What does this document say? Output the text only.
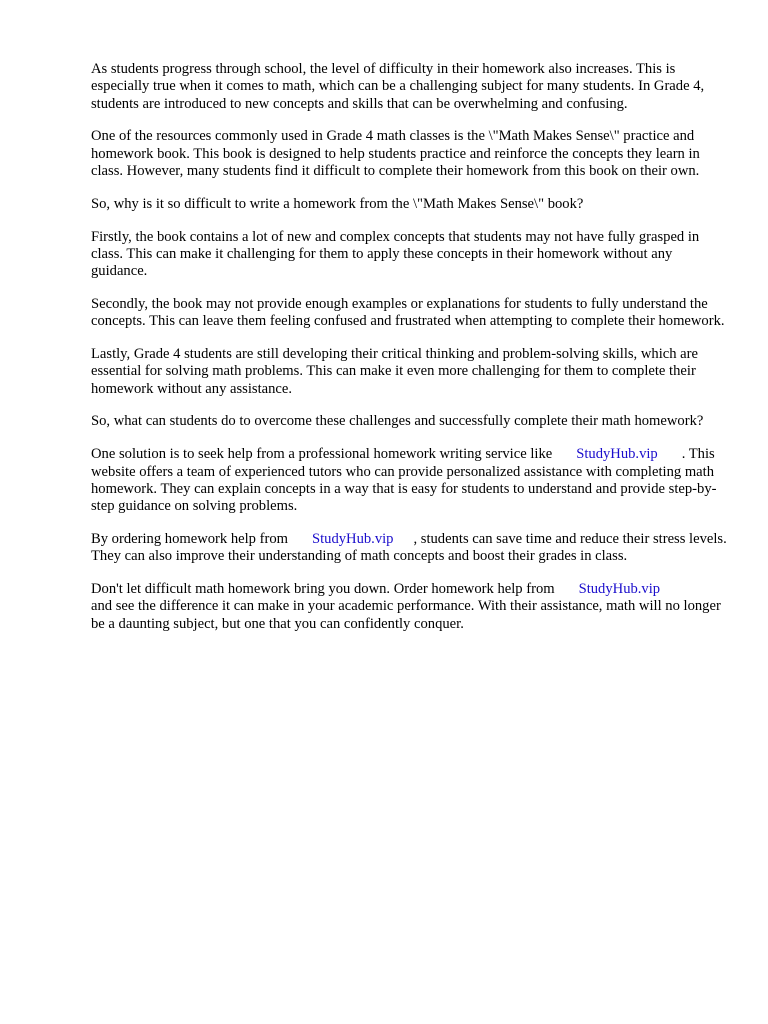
As students progress through school, the level of difficulty in their homework also increases. This is especially true when it comes to math, which can be a challenging subject for many students. In Grade 4, students are introduced to new concepts and skills that can be overwhelming and confusing.

One of the resources commonly used in Grade 4 math classes is the \"Math Makes Sense\" practice and homework book. This book is designed to help students practice and reinforce the concepts they learn in class. However, many students find it difficult to complete their homework from this book on their own.

So, why is it so difficult to write a homework from the \"Math Makes Sense\" book?

Firstly, the book contains a lot of new and complex concepts that students may not have fully grasped in class. This can make it challenging for them to apply these concepts in their homework without any guidance.

Secondly, the book may not provide enough examples or explanations for students to fully understand the concepts. This can leave them feeling confused and frustrated when attempting to complete their homework.

Lastly, Grade 4 students are still developing their critical thinking and problem-solving skills, which are essential for solving math problems. This can make it even more challenging for them to complete their homework without any assistance.

So, what can students do to overcome these challenges and successfully complete their math homework?

One solution is to seek help from a professional homework writing service like StudyHub.vip . This website offers a team of experienced tutors who can provide personalized assistance with completing math homework. They can explain concepts in a way that is easy for students to understand and provide step-by-step guidance on solving problems.

By ordering homework help from StudyHub.vip , students can save time and reduce their stress levels. They can also improve their understanding of math concepts and boost their grades in class.

Don't let difficult math homework bring you down. Order homework help from StudyHub.vip
and see the difference it can make in your academic performance. With their assistance, math will no longer be a daunting subject, but one that you can confidently conquer.
